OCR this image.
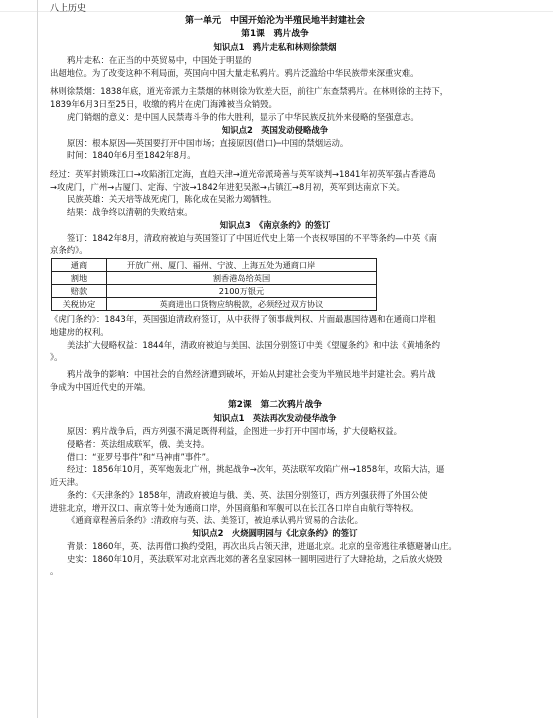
八上历史

第一单元　中国开始沦为半殖民地半封建社会

第1课　鸦片战争

知识点1　鸦片走私和林则徐禁烟

鸦片走私：在正当的中英贸易中，中国处于明显的

出超地位。为了改变这种不利局面，英国向中国大量走私鸦片。鸦片泛滥给中华民族带来深重灾难。

林则徐禁烟：1838年底，道光帝派力主禁烟的林则徐为钦差大臣，前往广东查禁鸦片。在林则徐的主持下，

1839年6月3日至25日，收缴的鸦片在虎门海滩被当众销毁。

虎门销烟的意义：是中国人民禁毒斗争的伟大胜利，显示了中华民族反抗外来侵略的坚强意志。

知识点2　英国发动侵略战争

原因：根本原因──英国要打开中国市场；直接原因(借口)─中国的禁烟运动。

时间：1840年6月至1842年8月。

经过：英军封锁珠江口→攻陷浙江定海，直趋天津→道光帝派琦善与英军谈判→1841年初英军强占香港岛

→攻虎门，广州→占厦门、定海、宁波→1842年进犯吴淞→占镇江→8月初，英军到达南京下关。

民族英雄：关天培等战死虎门，陈化成在吴淞力竭牺牲。

结果：战争终以清朝的失败结束。

知识点3　《南京条约》的签订

签订：1842年8月，清政府被迫与英国签订了中国近代史上第一个丧权辱国的不平等条约—中英《南

京条约》。

通商	开放广州、厦门、福州、宁波、上海五处为通商口岸
割地	割香港岛给英国
赔款	2100万银元
关税协定	英商进出口货物应纳税款，必须经过双方协议

《虎门条约》：1843年，英国强迫清政府签订，从中获得了领事裁判权、片面最惠国待遇和在通商口岸租

地建房的权利。

美法扩大侵略权益：1844年，清政府被迫与美国、法国分别签订中美《望厦条约》和中法《黄埔条约

》。

鸦片战争的影响：中国社会的自然经济遭到破坏，开始从封建社会变为半殖民地半封建社会。鸦片战

争成为中国近代史的开端。

第2课　第二次鸦片战争

知识点1　英法再次发动侵华战争

原因：鸦片战争后，西方列强不满足既得利益，企图进一步打开中国市场，扩大侵略权益。

侵略者：英法组成联军，俄、美支持。

借口：“亚罗号事件”和“马神甫”事件”。

经过：1856年10月，英军炮轰北广州，挑起战争→次年，英法联军攻陷广州→1858年，攻陷大沽，逼

近天津。

条约：《天津条约》1858年，清政府被迫与俄、美、英、法国分别签订，西方列强获得了外国公使

进驻北京，增开汉口、南京等十处为通商口岸，外国商船和军舰可以在长江各口岸自由航行等特权。

《通商章程善后条约》:清政府与英、法、美签订，被迫承认鸦片贸易的合法化。

知识点2　火烧圆明园与《北京条约》的签订

背景：1860年，英、法再借口换约受阻，再次出兵占领天津，进逼北京。北京的皇帝逃往承德避暑山庄。

史实：1860年10月，英法联军对北京西北郊的著名皇家园林一圆明园进行了大肆抢劫，之后放火烧毁

。
